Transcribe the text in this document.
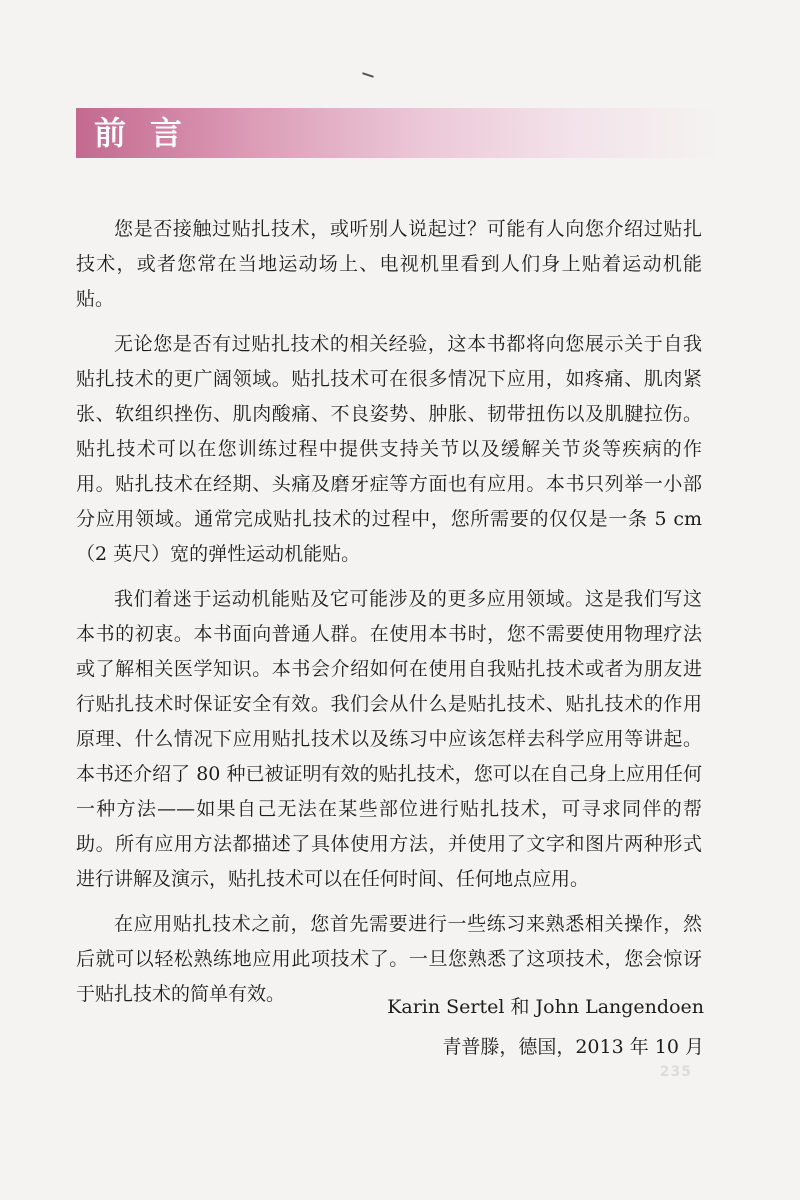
前言

您是否接触过贴扎技术，或听别人说起过？可能有人向您介绍过贴扎技术，或者您常在当地运动场上、电视机里看到人们身上贴着运动机能贴。

无论您是否有过贴扎技术的相关经验，这本书都将向您展示关于自我贴扎技术的更广阔领域。贴扎技术可在很多情况下应用，如疼痛、肌肉紧张、软组织挫伤、肌肉酸痛、不良姿势、肿胀、韧带扭伤以及肌腱拉伤。贴扎技术可以在您训练过程中提供支持关节以及缓解关节炎等疾病的作用。贴扎技术在经期、头痛及磨牙症等方面也有应用。本书只列举一小部分应用领域。通常完成贴扎技术的过程中，您所需要的仅仅是一条 5 cm（2 英尺）宽的弹性运动机能贴。

我们着迷于运动机能贴及它可能涉及的更多应用领域。这是我们写这本书的初衷。本书面向普通人群。在使用本书时，您不需要使用物理疗法或了解相关医学知识。本书会介绍如何在使用自我贴扎技术或者为朋友进行贴扎技术时保证安全有效。我们会从什么是贴扎技术、贴扎技术的作用原理、什么情况下应用贴扎技术以及练习中应该怎样去科学应用等讲起。本书还介绍了 80 种已被证明有效的贴扎技术，您可以在自己身上应用任何一种方法——如果自己无法在某些部位进行贴扎技术，可寻求同伴的帮助。所有应用方法都描述了具体使用方法，并使用了文字和图片两种形式进行讲解及演示，贴扎技术可以在任何时间、任何地点应用。

在应用贴扎技术之前，您首先需要进行一些练习来熟悉相关操作，然后就可以轻松熟练地应用此项技术了。一旦您熟悉了这项技术，您会惊讶于贴扎技术的简单有效。

Karin Sertel 和 John Langendoen
青普滕，德国，2013 年 10 月
235
